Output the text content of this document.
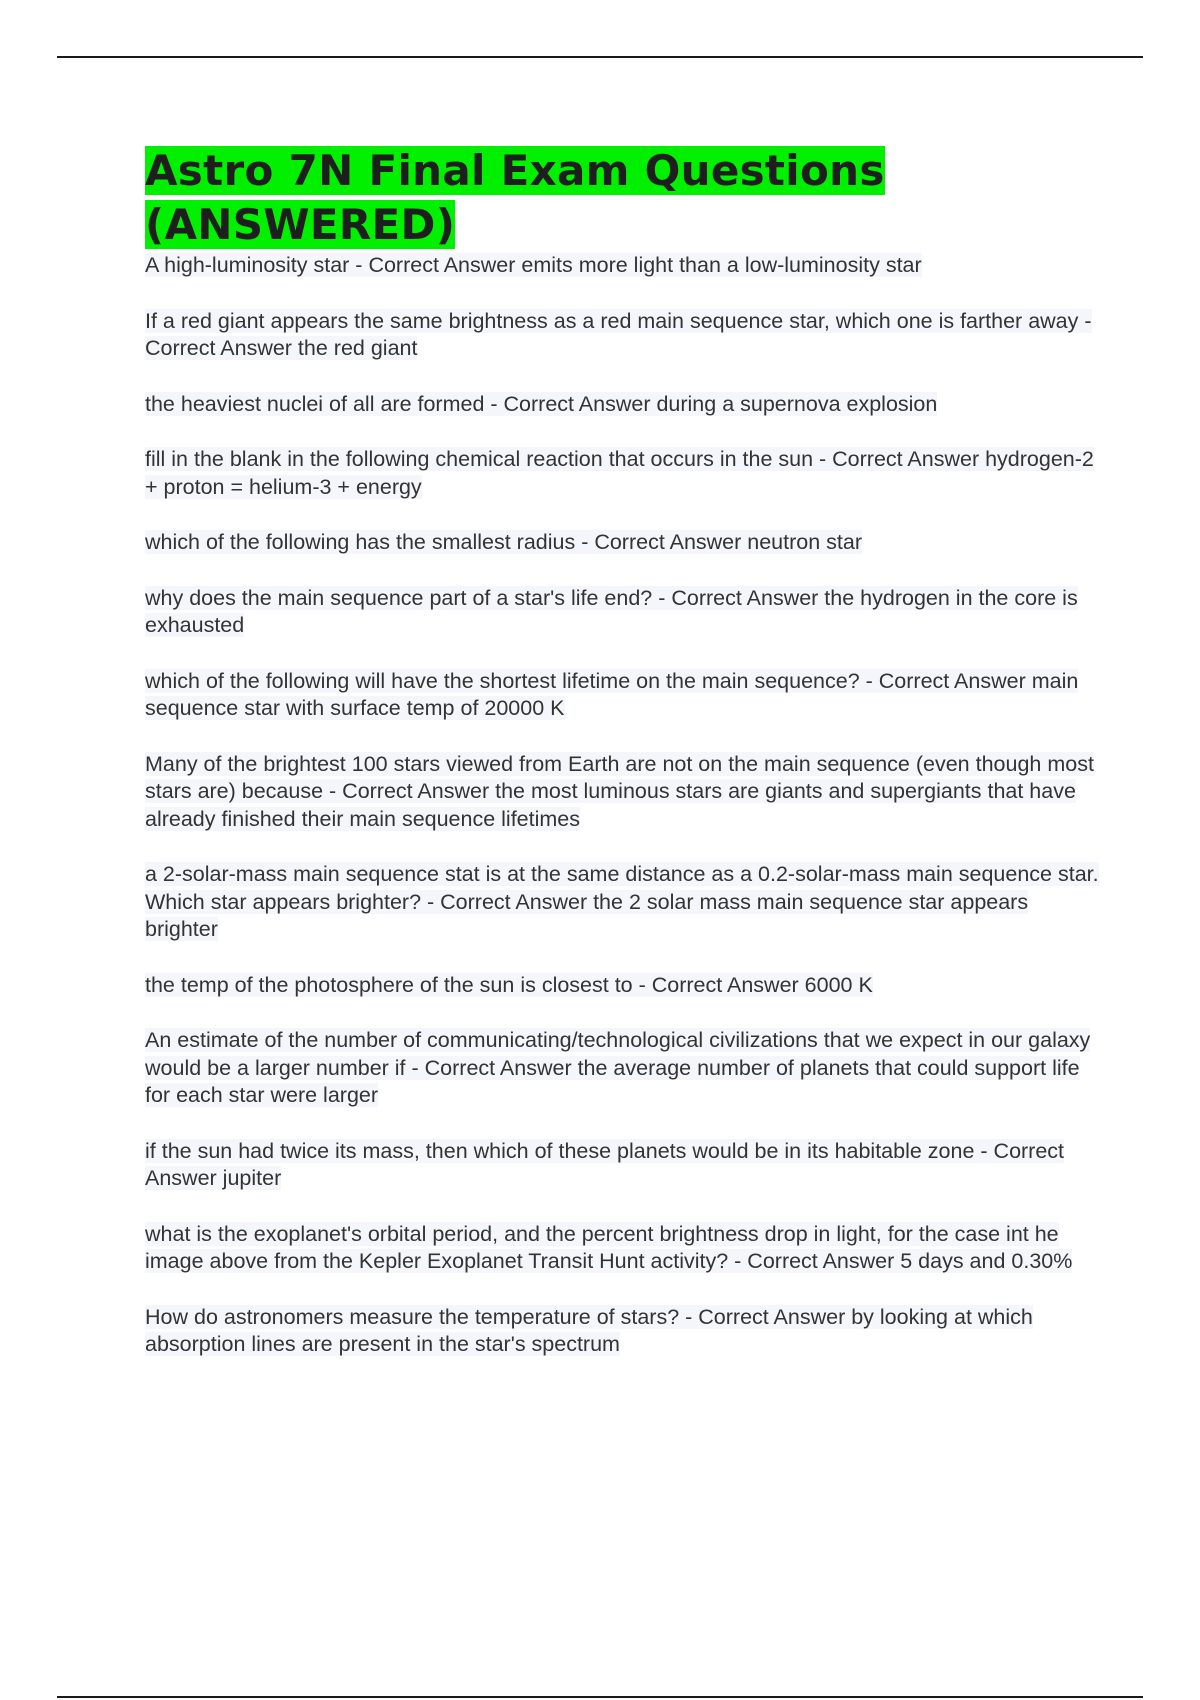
Astro 7N Final Exam Questions (ANSWERED)

A high-luminosity star - Correct Answer emits more light than a low-luminosity star

If a red giant appears the same brightness as a red main sequence star, which one is farther away - Correct Answer the red giant

the heaviest nuclei of all are formed - Correct Answer during a supernova explosion

fill in the blank in the following chemical reaction that occurs in the sun - Correct Answer hydrogen-2 + proton = helium-3 + energy

which of the following has the smallest radius - Correct Answer neutron star

why does the main sequence part of a star's life end? - Correct Answer the hydrogen in the core is exhausted

which of the following will have the shortest lifetime on the main sequence? - Correct Answer main sequence star with surface temp of 20000 K

Many of the brightest 100 stars viewed from Earth are not on the main sequence (even though most stars are) because - Correct Answer the most luminous stars are giants and supergiants that have already finished their main sequence lifetimes

a 2-solar-mass main sequence stat is at the same distance as a 0.2-solar-mass main sequence star. Which star appears brighter? - Correct Answer the 2 solar mass main sequence star appears brighter

the temp of the photosphere of the sun is closest to - Correct Answer 6000 K

An estimate of the number of communicating/technological civilizations that we expect in our galaxy would be a larger number if - Correct Answer the average number of planets that could support life for each star were larger

if the sun had twice its mass, then which of these planets would be in its habitable zone - Correct Answer jupiter

what is the exoplanet's orbital period, and the percent brightness drop in light, for the case int he image above from the Kepler Exoplanet Transit Hunt activity? - Correct Answer 5 days and 0.30%

How do astronomers measure the temperature of stars? - Correct Answer by looking at which absorption lines are present in the star's spectrum
